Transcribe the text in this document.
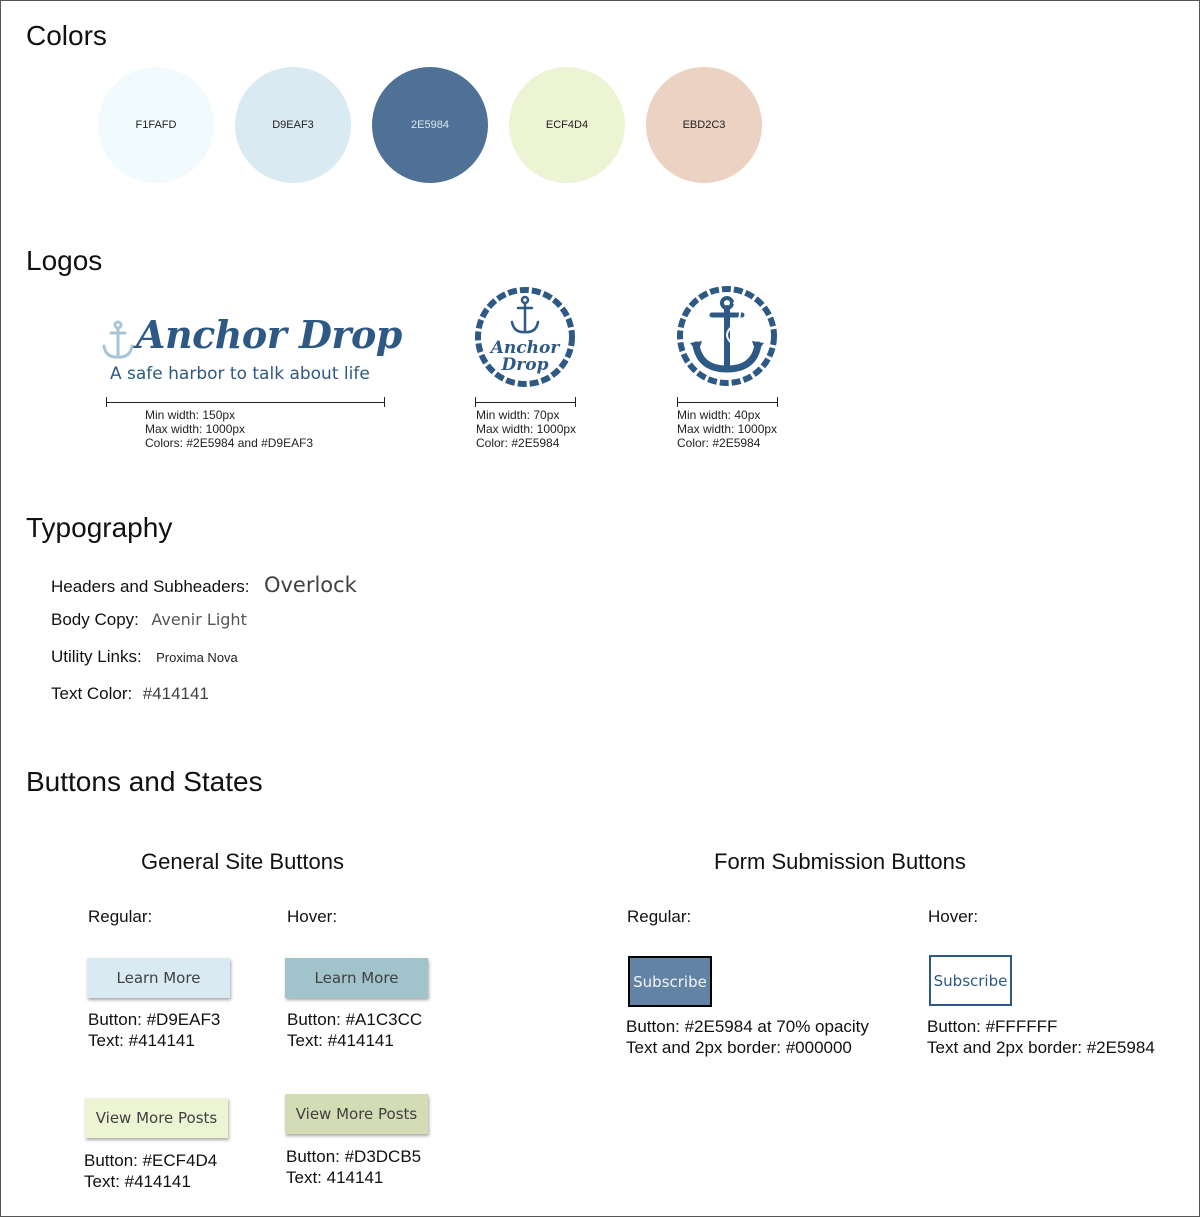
Colors
F1FAFD	D9EAF3	2E5984	ECF4D4	EBD2C3
Logos
Anchor Drop
A safe harbor to talk about life
Min width: 150px
Max width: 1000px
Colors: #2E5984 and #D9EAF3
Anchor
Drop
Min width: 70px
Max width: 1000px
Color: #2E5984
Min width: 40px
Max width: 1000px
Color: #2E5984
Typography
Headers and Subheaders: Overlock
Body Copy: Avenir Light
Utility Links: Proxima Nova
Text Color: #414141
Buttons and States
General Site Buttons	Form Submission Buttons
Regular:	Hover:	Regular:	Hover:
Learn More
Button: #D9EAF3
Text: #414141
Learn More
Button: #A1C3CC
Text: #414141
View More Posts
Button: #ECF4D4
Text: #414141
View More Posts
Button: #D3DCB5
Text: 414141
Subscribe
Button: #2E5984 at 70% opacity
Text and 2px border: #000000
Subscribe
Button: #FFFFFF
Text and 2px border: #2E5984
